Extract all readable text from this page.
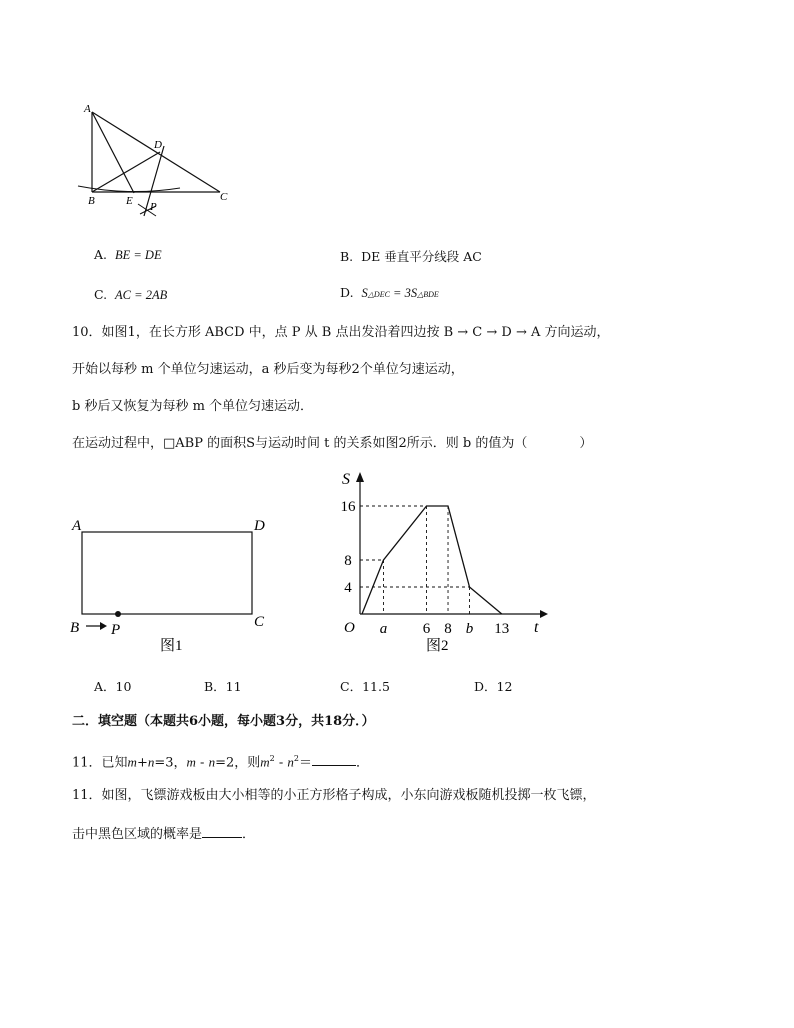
A
B	C
D
E P
A. BE = DE	B. DE 垂直平分线段 AC
C. AC = 2AB	D. S△DEC = 3S△BDE
10．如图1，在长方形 ABCD 中，点 P 从 B 点出发沿着四边按 B → C → D → A 方向运动，
开始以每秒 m 个单位匀速运动，a 秒后变为每秒2个单位匀速运动，
b 秒后又恢复为每秒 m 个单位匀速运动．
在运动过程中，□ABP 的面积S与运动时间 t 的关系如图2所示．则 b 的值为（　　　　）
A	D
B	C
P
图1
S
t
O
16
8
4
a 6 8 b 13
图2
A．10	B．11	C．11.5	D．12
二．填空题（本题共6小题，每小题3分，共18分．）
11．已知m+n=3，m - n=2，则$m^2 - n^2=$	．
11．如图，飞镖游戏板由大小相等的小正方形格子构成，小东向游戏板随机投掷一枚飞镖，
击中黑色区域的概率是	．
